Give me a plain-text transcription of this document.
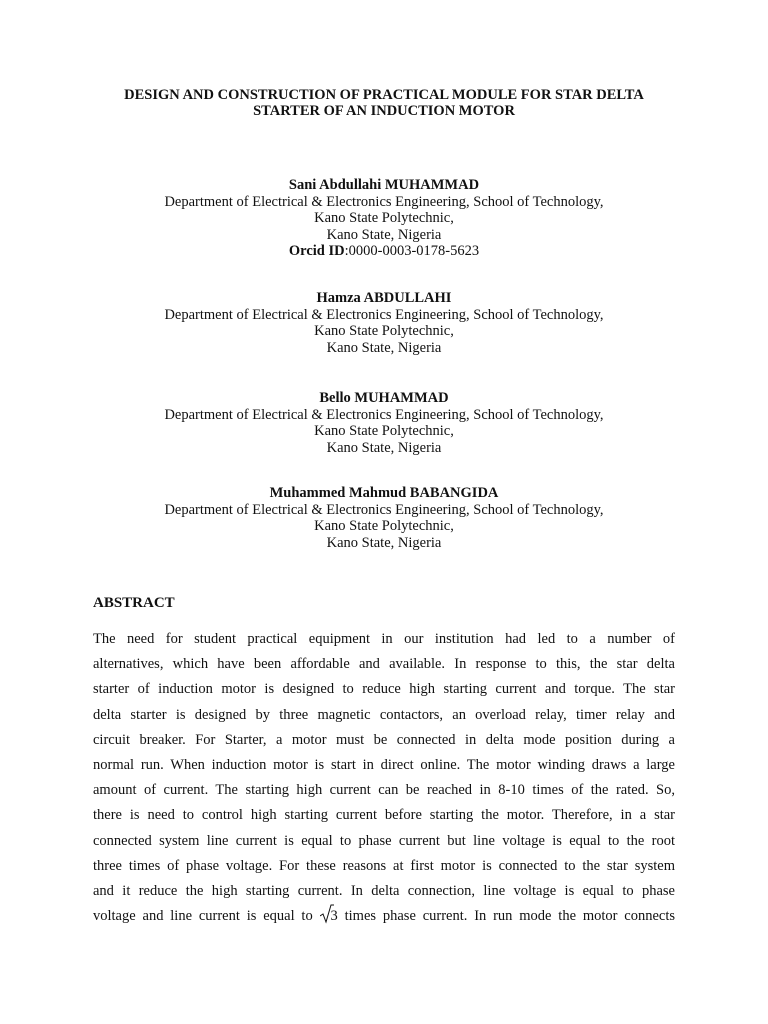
DESIGN AND CONSTRUCTION OF PRACTICAL MODULE FOR STAR DELTA
STARTER OF AN INDUCTION MOTOR
Sani Abdullahi MUHAMMAD
Department of Electrical & Electronics Engineering, School of Technology,
Kano State Polytechnic,
Kano State, Nigeria
Orcid ID:0000-0003-0178-5623
Hamza ABDULLAHI
Department of Electrical & Electronics Engineering, School of Technology,
Kano State Polytechnic,
Kano State, Nigeria
Bello MUHAMMAD
Department of Electrical & Electronics Engineering, School of Technology,
Kano State Polytechnic,
Kano State, Nigeria
Muhammed Mahmud BABANGIDA
Department of Electrical & Electronics Engineering, School of Technology,
Kano State Polytechnic,
Kano State, Nigeria
ABSTRACT
The need for student practical equipment in our institution had led to a number of
alternatives, which have been affordable and available. In response to this, the star delta
starter of induction motor is designed to reduce high starting current and torque. The star
delta starter is designed by three magnetic contactors, an overload relay, timer relay and
circuit breaker. For Starter, a motor must be connected in delta mode position during a
normal run. When induction motor is start in direct online. The motor winding draws a large
amount of current. The starting high current can be reached in 8-10 times of the rated. So,
there is need to control high starting current before starting the motor. Therefore, in a star
connected system line current is equal to phase current but line voltage is equal to the root
three times of phase voltage. For these reasons at first motor is connected to the star system
and it reduce the high starting current. In delta connection, line voltage is equal to phase
voltage and line current is equal to 3 times phase current. In run mode the motor connects
